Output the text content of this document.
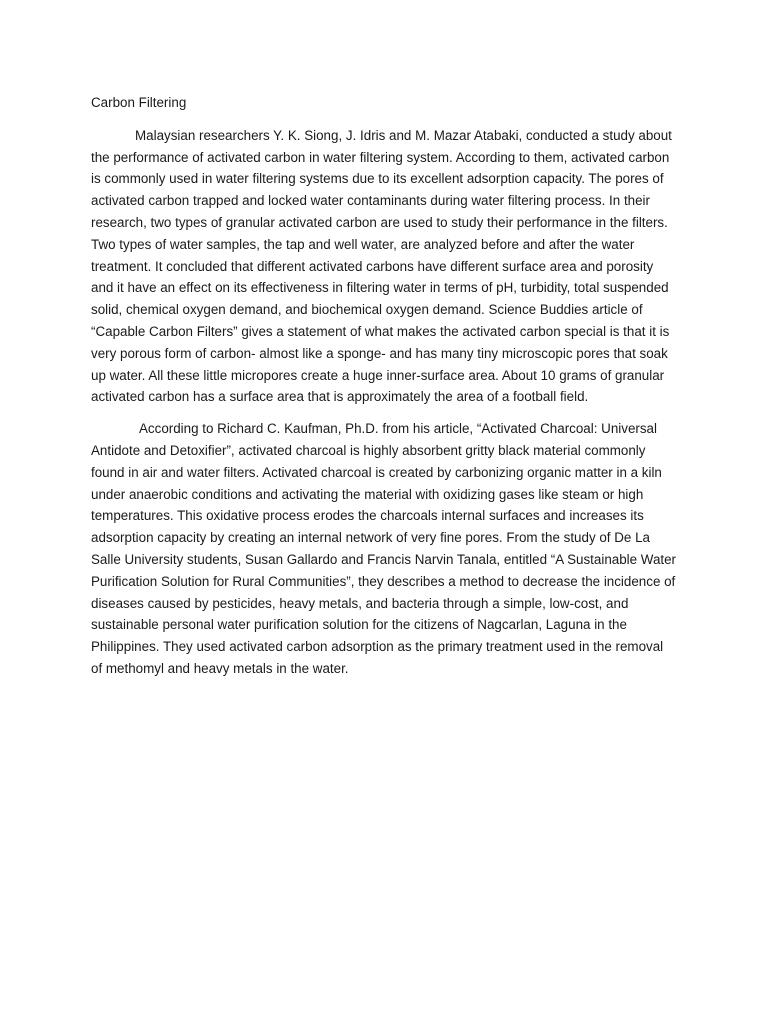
Carbon Filtering

Malaysian researchers Y. K. Siong, J. Idris and M. Mazar Atabaki, conducted a study about the performance of activated carbon in water filtering system. According to them, activated carbon is commonly used in water filtering systems due to its excellent adsorption capacity. The pores of activated carbon trapped and locked water contaminants during water filtering process. In their research, two types of granular activated carbon are used to study their performance in the filters. Two types of water samples, the tap and well water, are analyzed before and after the water treatment. It concluded that different activated carbons have different surface area and porosity and it have an effect on its effectiveness in filtering water in terms of pH, turbidity, total suspended solid, chemical oxygen demand, and biochemical oxygen demand. Science Buddies article of “Capable Carbon Filters” gives a statement of what makes the activated carbon special is that it is very porous form of carbon- almost like a sponge- and has many tiny microscopic pores that soak up water. All these little micropores create a huge inner-surface area. About 10 grams of granular activated carbon has a surface area that is approximately the area of a football field.

According to Richard C. Kaufman, Ph.D. from his article, “Activated Charcoal: Universal Antidote and Detoxifier”, activated charcoal is highly absorbent gritty black material commonly found in air and water filters. Activated charcoal is created by carbonizing organic matter in a kiln under anaerobic conditions and activating the material with oxidizing gases like steam or high temperatures. This oxidative process erodes the charcoals internal surfaces and increases its adsorption capacity by creating an internal network of very fine pores. From the study of De La Salle University students, Susan Gallardo and Francis Narvin Tanala, entitled “A Sustainable Water Purification Solution for Rural Communities”, they describes a method to decrease the incidence of diseases caused by pesticides, heavy metals, and bacteria through a simple, low-cost, and sustainable personal water purification solution for the citizens of Nagcarlan, Laguna in the Philippines. They used activated carbon adsorption as the primary treatment used in the removal of methomyl and heavy metals in the water.
